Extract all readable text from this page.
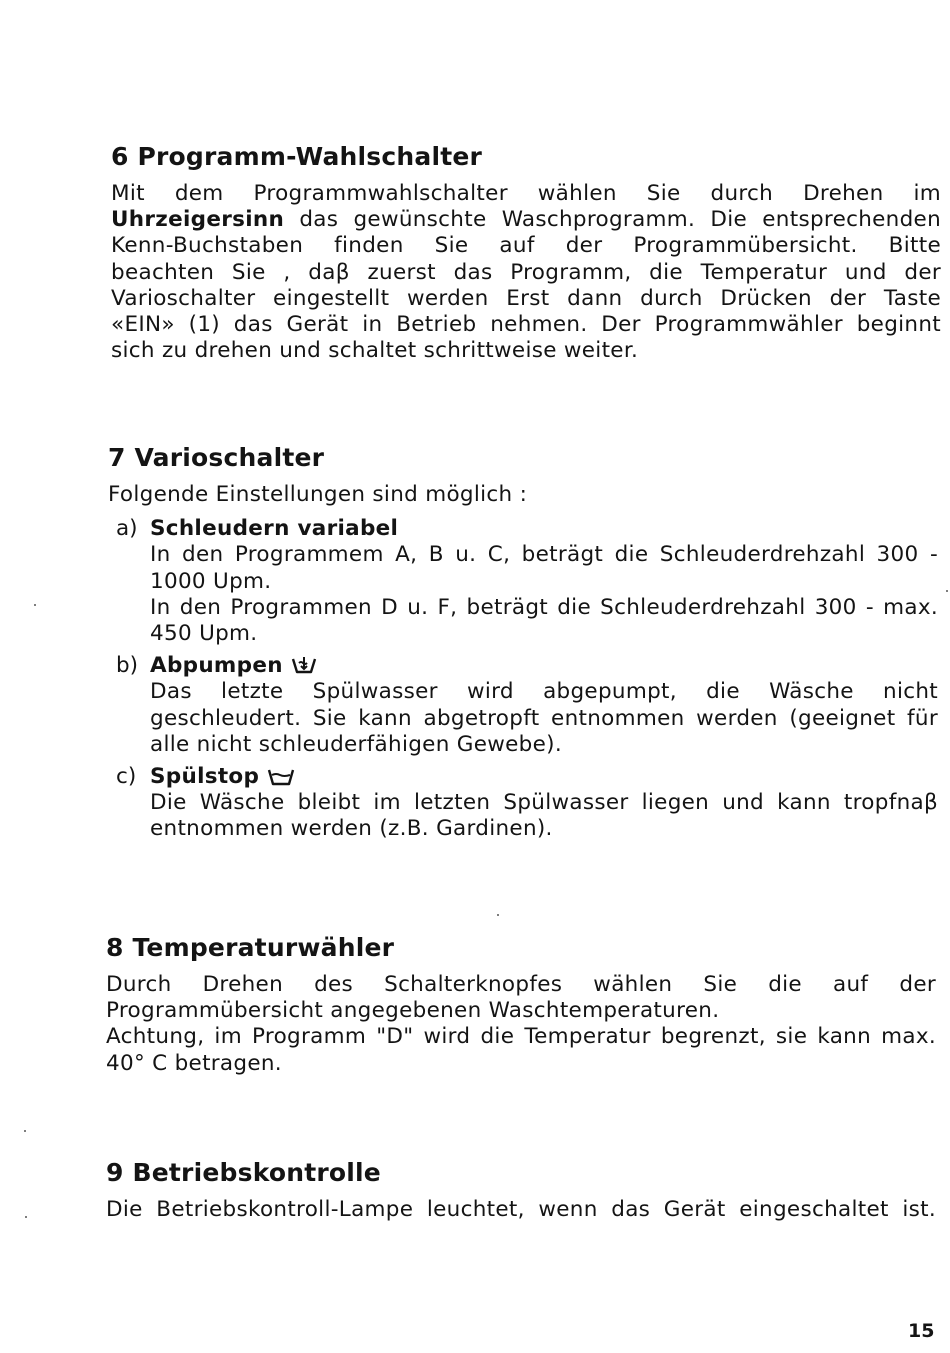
6 Programm-Wahlschalter

Mit dem Programmwahlschalter wählen Sie durch Drehen im
Uhrzeigersinn das gewünschte Waschprogramm. Die entsprechenden
Kenn-Buchstaben finden Sie auf der Programmübersicht. Bitte
beachten Sie , daβ zuerst das Programm, die Temperatur und der
Varioschalter eingestellt werden Erst dann durch Drücken der Taste
«EIN» (1) das Gerät in Betrieb nehmen. Der Programmwähler beginnt
sich zu drehen und schaltet schrittweise weiter.

7 Varioschalter

Folgende Einstellungen sind möglich :

a) Schleudern variabel
In den Programmem A, B u. C, beträgt die Schleuderdrehzahl 300 -
1000 Upm.
In den Programmen D u. F, beträgt die Schleuderdrehzahl 300 - max.
450 Upm.
b) Abpumpen
Das letzte Spülwasser wird abgepumpt, die Wäsche nicht
geschleudert. Sie kann abgetropft entnommen werden (geeignet für
alle nicht schleuderfähigen Gewebe).
c) Spülstop
Die Wäsche bleibt im letzten Spülwasser liegen und kann tropfnaβ
entnommen werden (z.B. Gardinen).
8 Temperaturwähler

Durch Drehen des Schalterknopfes wählen Sie die auf der
Programmübersicht angegebenen Waschtemperaturen.
Achtung, im Programm "D" wird die Temperatur begrenzt, sie kann max.
40° C betragen.

9 Betriebskontrolle

Die Betriebskontroll-Lampe leuchtet, wenn das Gerät eingeschaltet ist.

15
